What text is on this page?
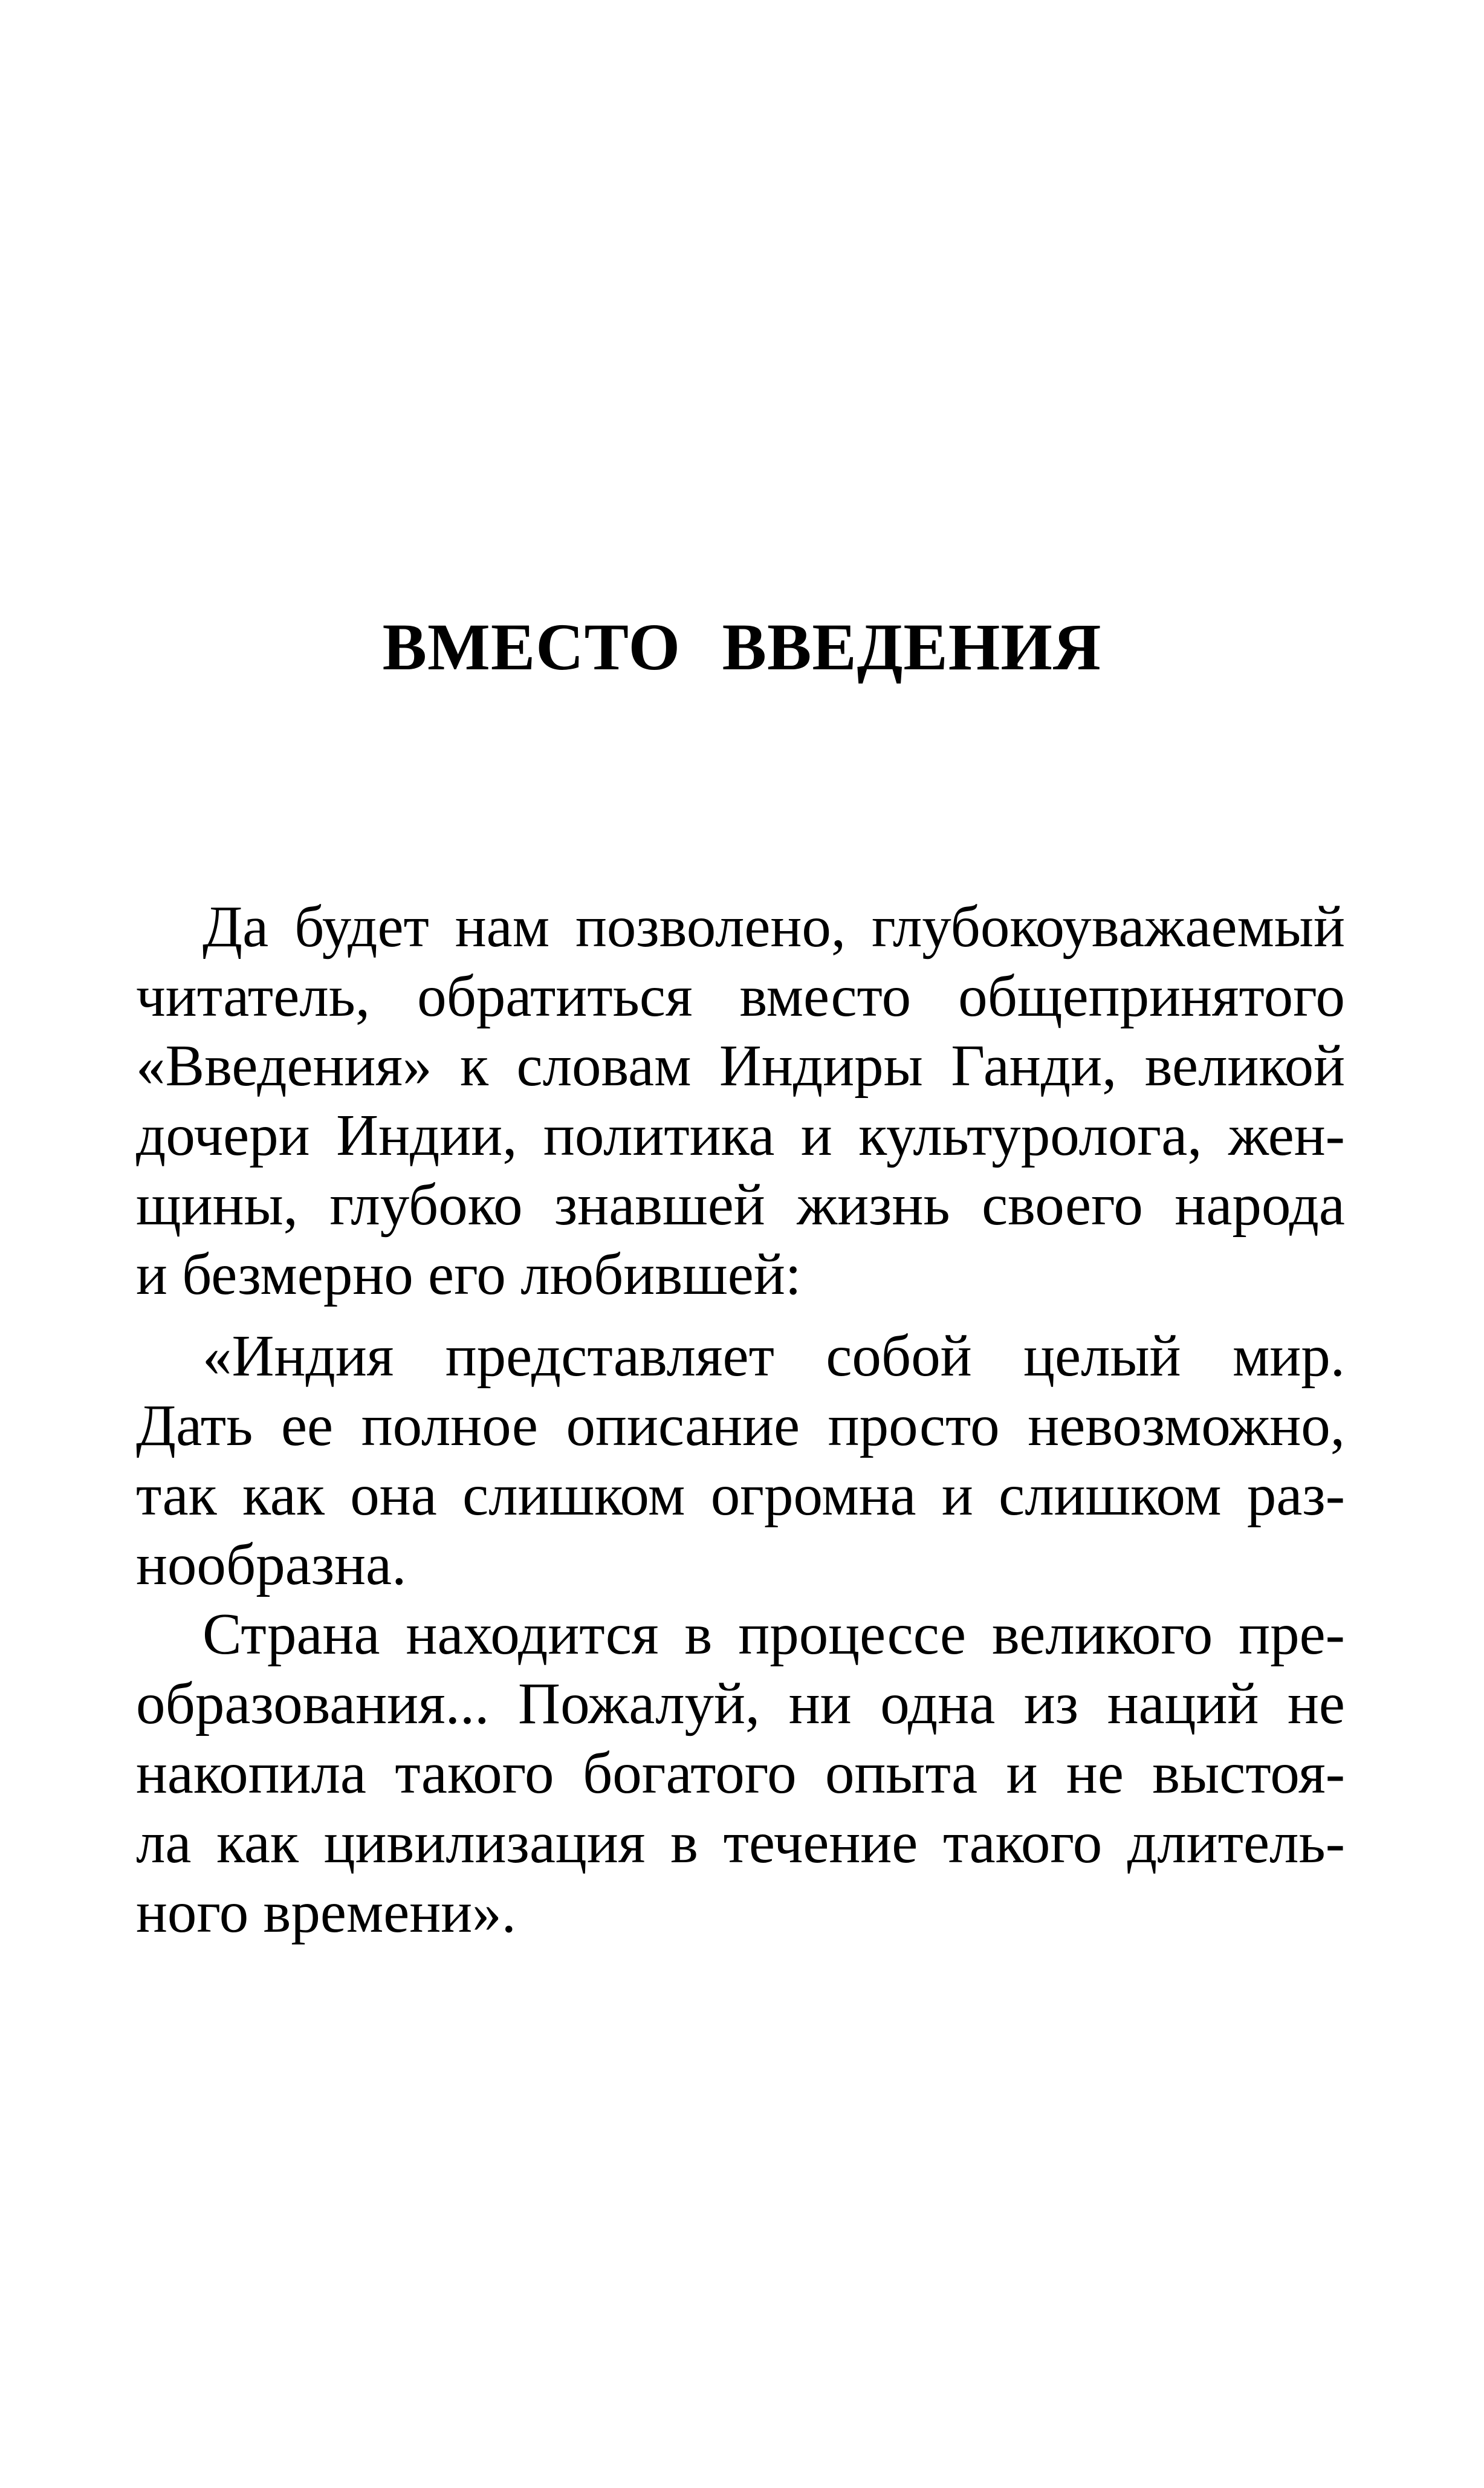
ВМЕСТО ВВЕДЕНИЯ

Да будет нам позволено, глубокоуважаемый

читатель, обратиться вместо общепринятого

«Введения» к словам Индиры Ганди, великой

дочери Индии, политика и культуролога, жен-

щины, глубоко знавшей жизнь своего народа

и безмерно его любившей:

«Индия представляет собой целый мир.

Дать ее полное описание просто невозможно,

так как она слишком огромна и слишком раз-

нообразна.

Страна находится в процессе великого пре-

образования... Пожалуй, ни одна из наций не

накопила такого богатого опыта и не выстоя-

ла как цивилизация в течение такого длитель-

ного времени».
